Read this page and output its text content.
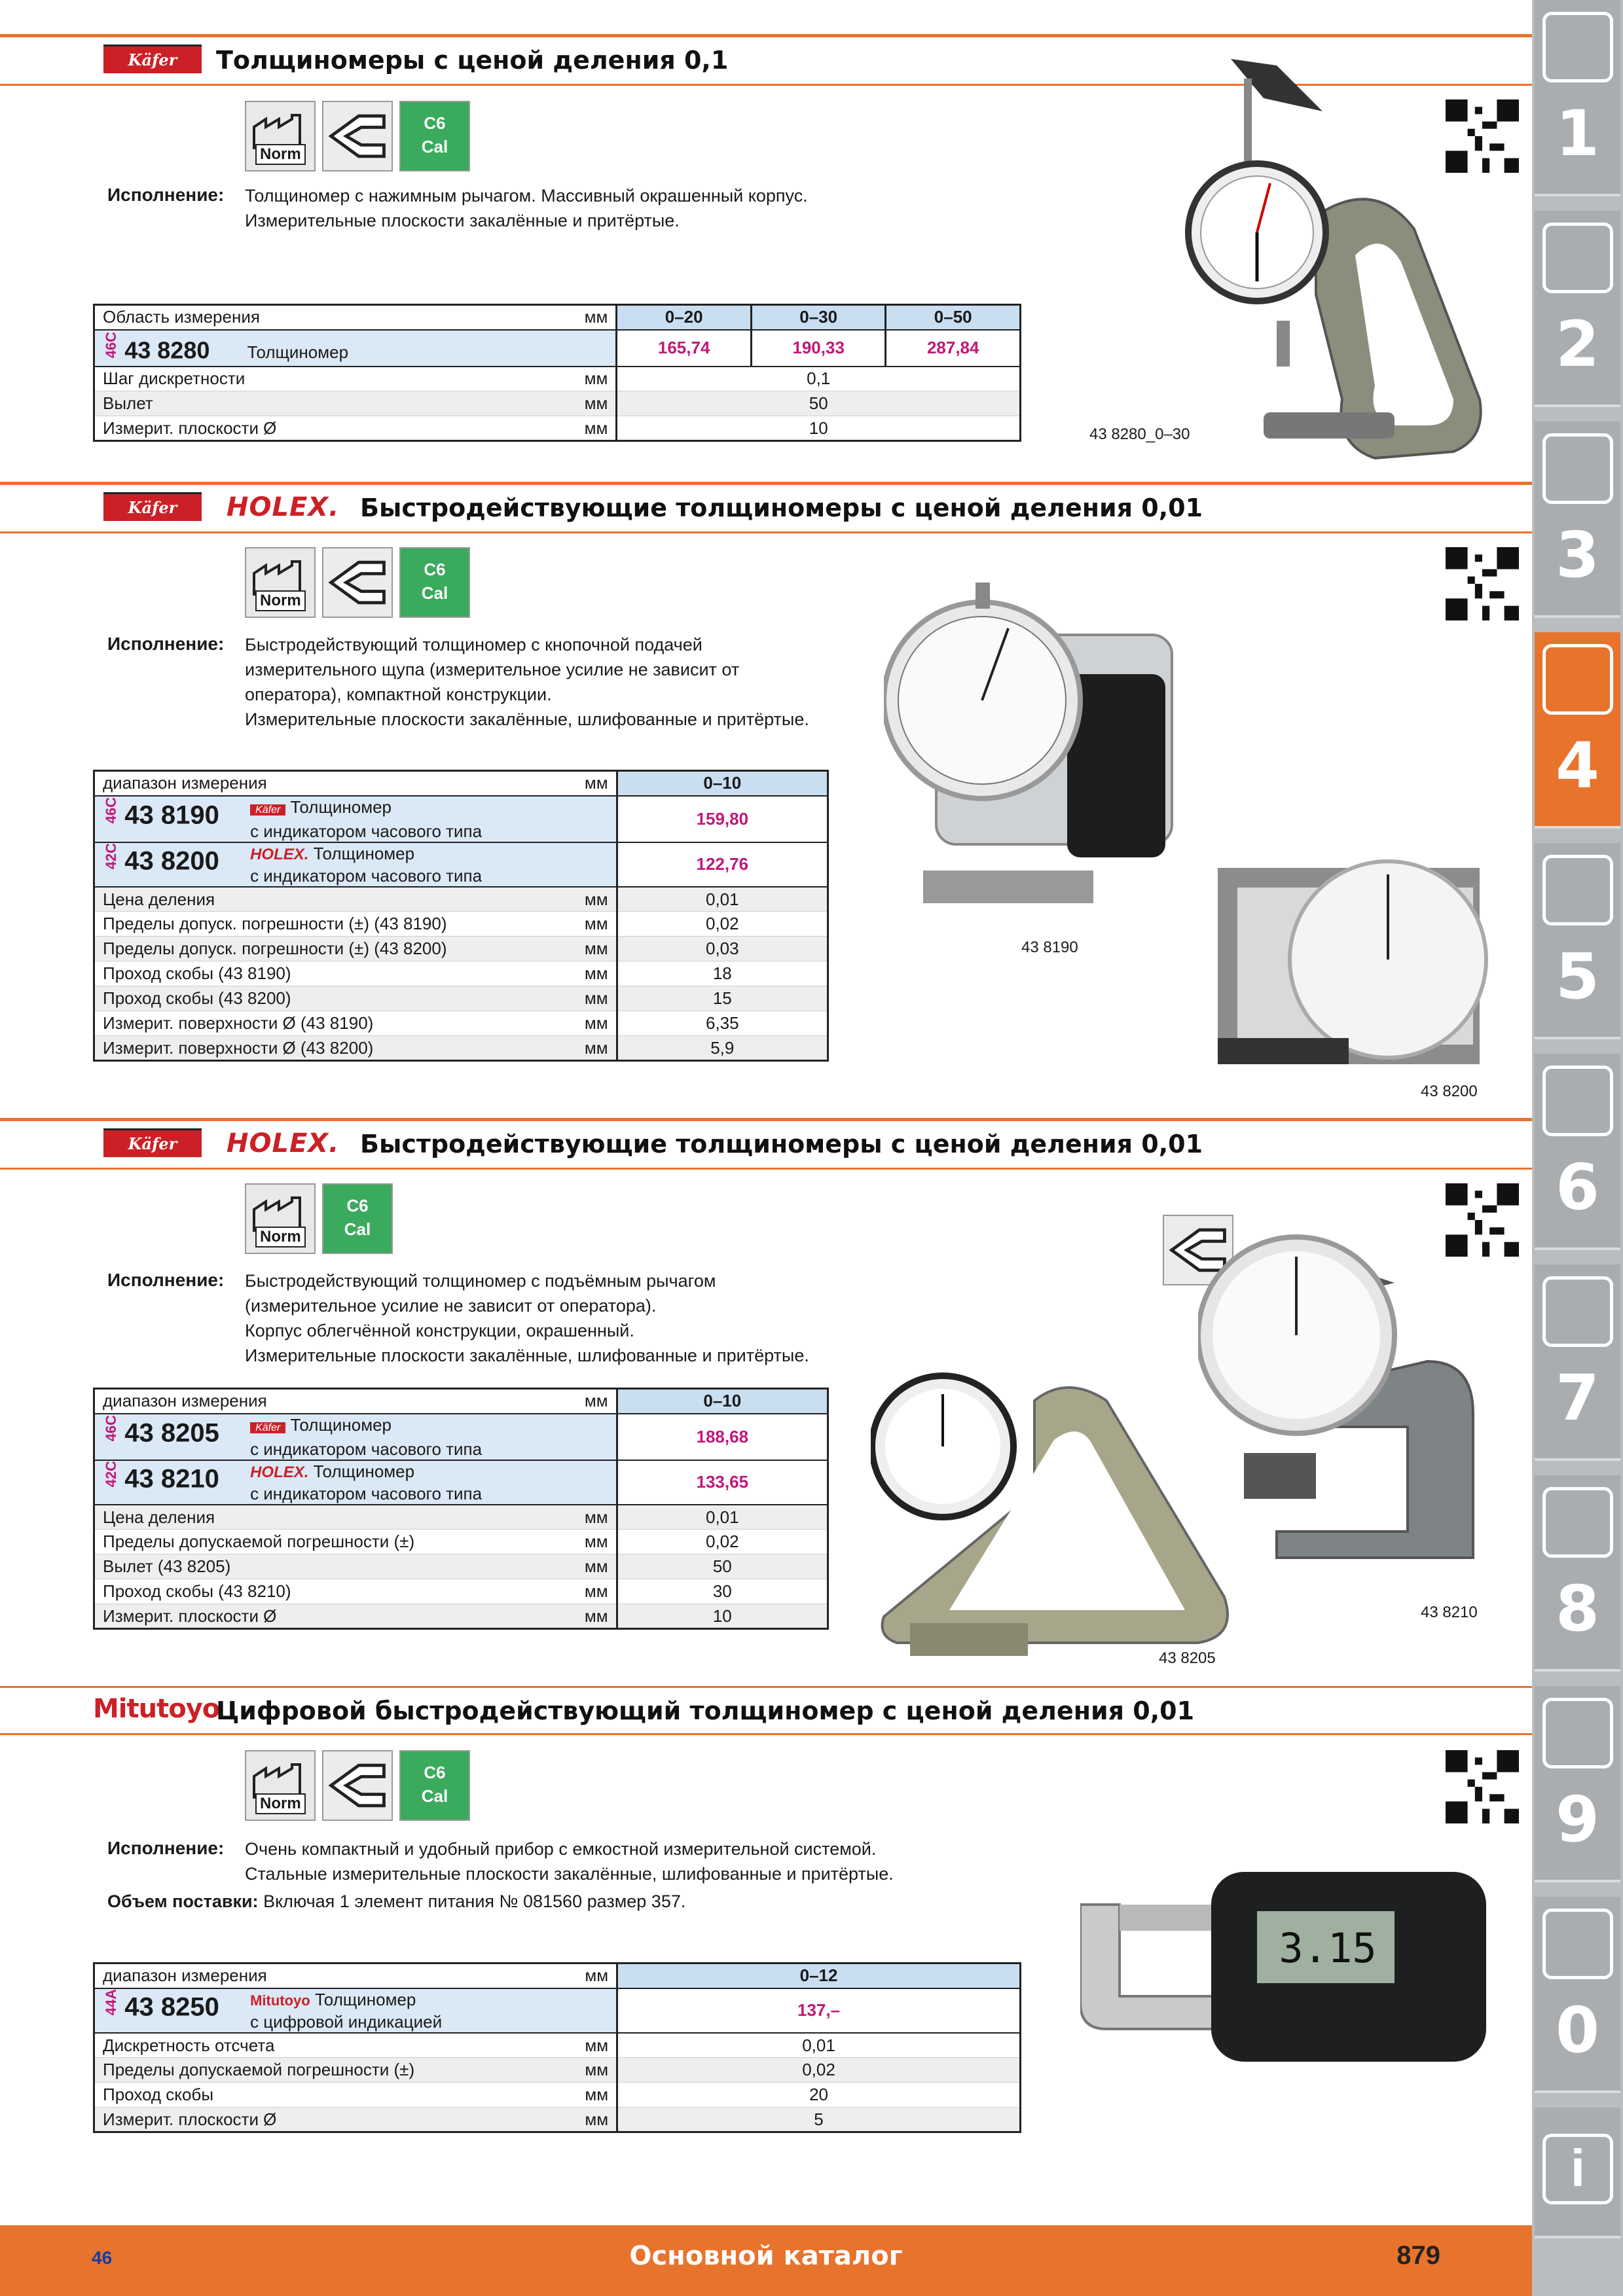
Käfer	Толщиномеры с ценой деления 0,1
Norm
C6
Cal
Исполнение: Толщиномер с нажимным рычагом. Массивный окрашенный корпус.
Измерительные плоскости закалённые и притёртые.
Область измерения	мм	0–20	0–30	0–50
46C 43 8280 Толщиномер		165,74	190,33	287,84
Шаг дискретности	мм	0,1		
Вылет	мм	50		
Измерит. плоскости Ø	мм	10			43 8280_0–30
Käfer	HOLEX. Быстродействующие толщиномеры с ценой деления 0,01
Norm
C6
Cal
Исполнение: Быстродействующий толщиномер с кнопочной подачей
измерительного щупа (измерительное усилие не зависит от
оператора), компактной конструкции.
Измерительные плоскости закалённые, шлифованные и притёртые.
диапазон измерения	мм	0–10
46C 43 8190 Käfer Толщиномер
с индикатором часового типа		159,80
42C 43 8200 HOLEX. Толщиномер
с индикатором часового типа		122,76
Цена деления	мм	0,01
Пределы допуск. погрешности (±) (43 8190)	мм	0,02
Пределы допуск. погрешности (±) (43 8200)	мм	0,03
Проход скобы (43 8190)	мм	18
Проход скобы (43 8200)	мм	15
Измерит. поверхности Ø (43 8190)	мм	6,35
Измерит. поверхности Ø (43 8200)	мм	5,9
43 8190
43 8200
Käfer	HOLEX. Быстродействующие толщиномеры с ценой деления 0,01
Norm
C6
Cal
Исполнение: Быстродействующий толщиномер с подъёмным рычагом
(измерительное усилие не зависит от оператора).
Корпус облегчённой конструкции, окрашенный.
Измерительные плоскости закалённые, шлифованные и притёртые.
диапазон измерения	мм	0–10
46C 43 8205 Käfer Толщиномер
с индикатором часового типа		188,68
42C 43 8210 HOLEX. Толщиномер
с индикатором часового типа		133,65
Цена деления	мм	0,01
Пределы допускаемой погрешности (±)	мм	0,02
Вылет (43 8205)	мм	50
Проход скобы (43 8210)	мм	30
Измерит. плоскости Ø	мм	10
43 8205
43 8210
Mitutoyo
Цифровой быстродействующий толщиномер с ценой деления 0,01
Norm
C6
Cal
Исполнение: Очень компактный и удобный прибор с емкостной измерительной системой.
Стальные измерительные плоскости закалённые, шлифованные и притёртые.
Объем поставки: Включая 1 элемент питания № 081560 размер 357.
диапазон измерения	мм	0–12
44A 43 8250 Mitutoyo Толщиномер
с цифровой индикацией		137,–
Дискретность отсчета	мм	0,01
Пределы допускаемой погрешности (±)	мм	0,02
Проход скобы	мм	20
Измерит. плоскости Ø	мм	5
3.15
46	Основной каталог	879
1
2
3
4
5
6
7
8
9
0
i
